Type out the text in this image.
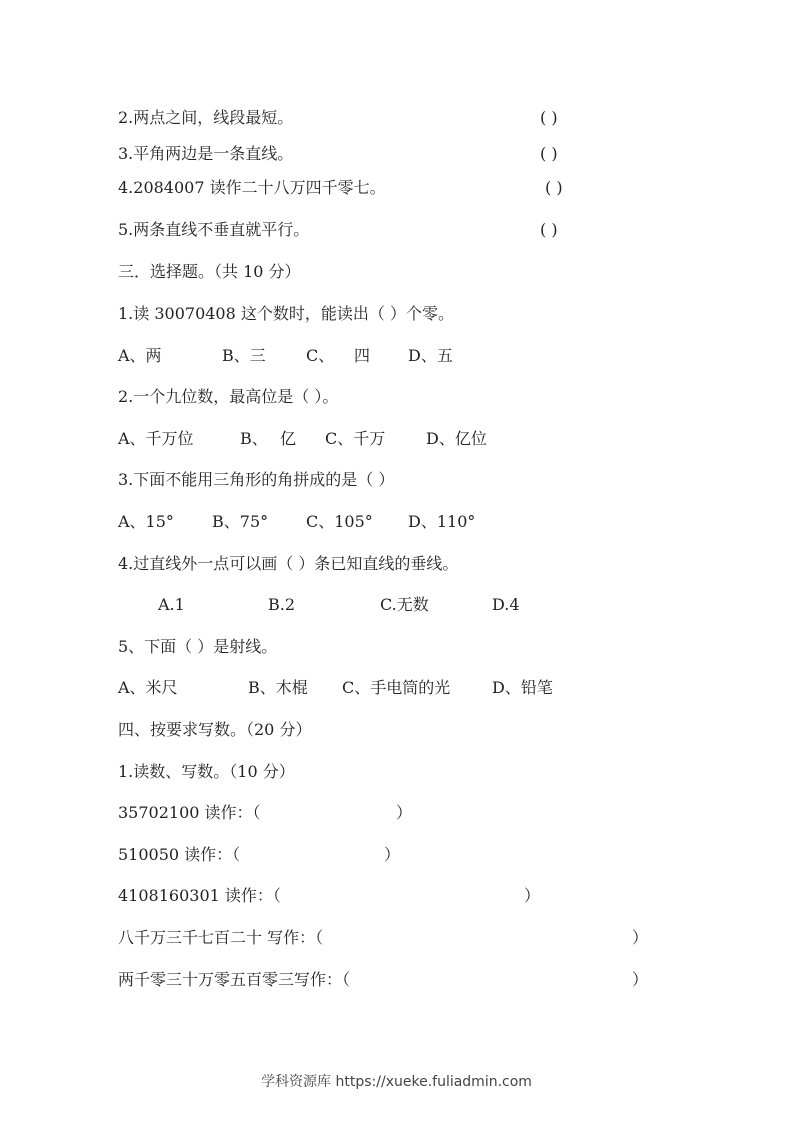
2.两点之间，线段最短。	( )
3.平角两边是一条直线。	( )
4.2084007 读作二十八万四千零七。	( )
5.两条直线不垂直就平行。	( )
三．选择题。（共 10 分）
1.读 30070408 这个数时，能读出（ ）个零。
A、两	B、三	C、 四 D、五
2.一个九位数，最高位是（ ）。
A、千万位	B、 亿 C、千万	D、亿位
3.下面不能用三角形的角拼成的是（ ）
A、15° B、75° C、105° D、110°
4.过直线外一点可以画（ ）条已知直线的垂线。
A.1	B.2	C.无数	D.4
5、下面（ ）是射线。
A、米尺	B、木棍 C、手电筒的光	D、铅笔
四、按要求写数。（20 分）
1.读数、写数。（10 分）
35702100 读作：（	）
510050 读作：（	）
4108160301 读作：（	）
八千万三千七百二十 写作：（	）
两千零三十万零五百零三写作：（	）
学科资源库 https://xueke.fuliadmin.com
